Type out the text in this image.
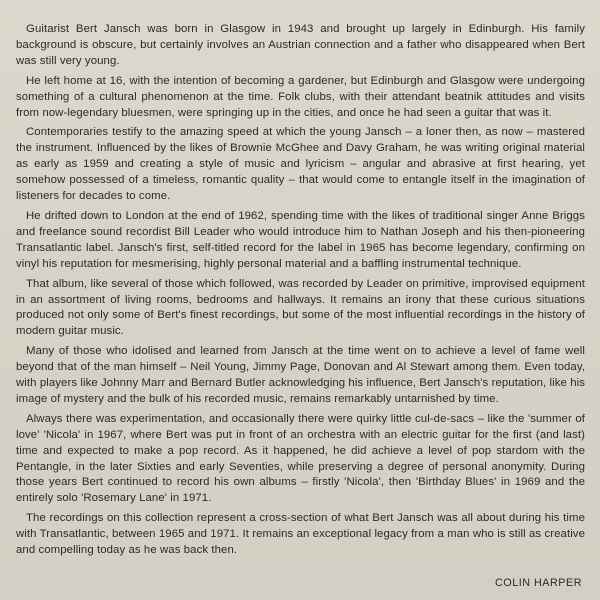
Guitarist Bert Jansch was born in Glasgow in 1943 and brought up largely in Edinburgh. His family background is obscure, but certainly involves an Austrian connection and a father who disappeared when Bert was still very young.

He left home at 16, with the intention of becoming a gardener, but Edinburgh and Glasgow were undergoing something of a cultural phenomenon at the time. Folk clubs, with their attendant beatnik attitudes and visits from now-legendary bluesmen, were springing up in the cities, and once he had seen a guitar that was it.

Contemporaries testify to the amazing speed at which the young Jansch – a loner then, as now – mastered the instrument. Influenced by the likes of Brownie McGhee and Davy Graham, he was writing original material as early as 1959 and creating a style of music and lyricism – angular and abrasive at first hearing, yet somehow possessed of a timeless, romantic quality – that would come to entangle itself in the imagination of listeners for decades to come.

He drifted down to London at the end of 1962, spending time with the likes of traditional singer Anne Briggs and freelance sound recordist Bill Leader who would introduce him to Nathan Joseph and his then-pioneering Transatlantic label. Jansch's first, self-titled record for the label in 1965 has become legendary, confirming on vinyl his reputation for mesmerising, highly personal material and a baffling instrumental technique.

That album, like several of those which followed, was recorded by Leader on primitive, improvised equipment in an assortment of living rooms, bedrooms and hallways. It remains an irony that these curious situations produced not only some of Bert's finest recordings, but some of the most influential recordings in the history of modern guitar music.

Many of those who idolised and learned from Jansch at the time went on to achieve a level of fame well beyond that of the man himself – Neil Young, Jimmy Page, Donovan and Al Stewart among them. Even today, with players like Johnny Marr and Bernard Butler acknowledging his influence, Bert Jansch's reputation, like his image of mystery and the bulk of his recorded music, remains remarkably untarnished by time.

Always there was experimentation, and occasionally there were quirky little cul-de-sacs – like the 'summer of love' 'Nicola' in 1967, where Bert was put in front of an orchestra with an electric guitar for the first (and last) time and expected to make a pop record. As it happened, he did achieve a level of pop stardom with the Pentangle, in the later Sixties and early Seventies, while preserving a degree of personal anonymity. During those years Bert continued to record his own albums – firstly 'Nicola', then 'Birthday Blues' in 1969 and the entirely solo 'Rosemary Lane' in 1971.

The recordings on this collection represent a cross-section of what Bert Jansch was all about during his time with Transatlantic, between 1965 and 1971. It remains an exceptional legacy from a man who is still as creative and compelling today as he was back then.

COLIN HARPER
